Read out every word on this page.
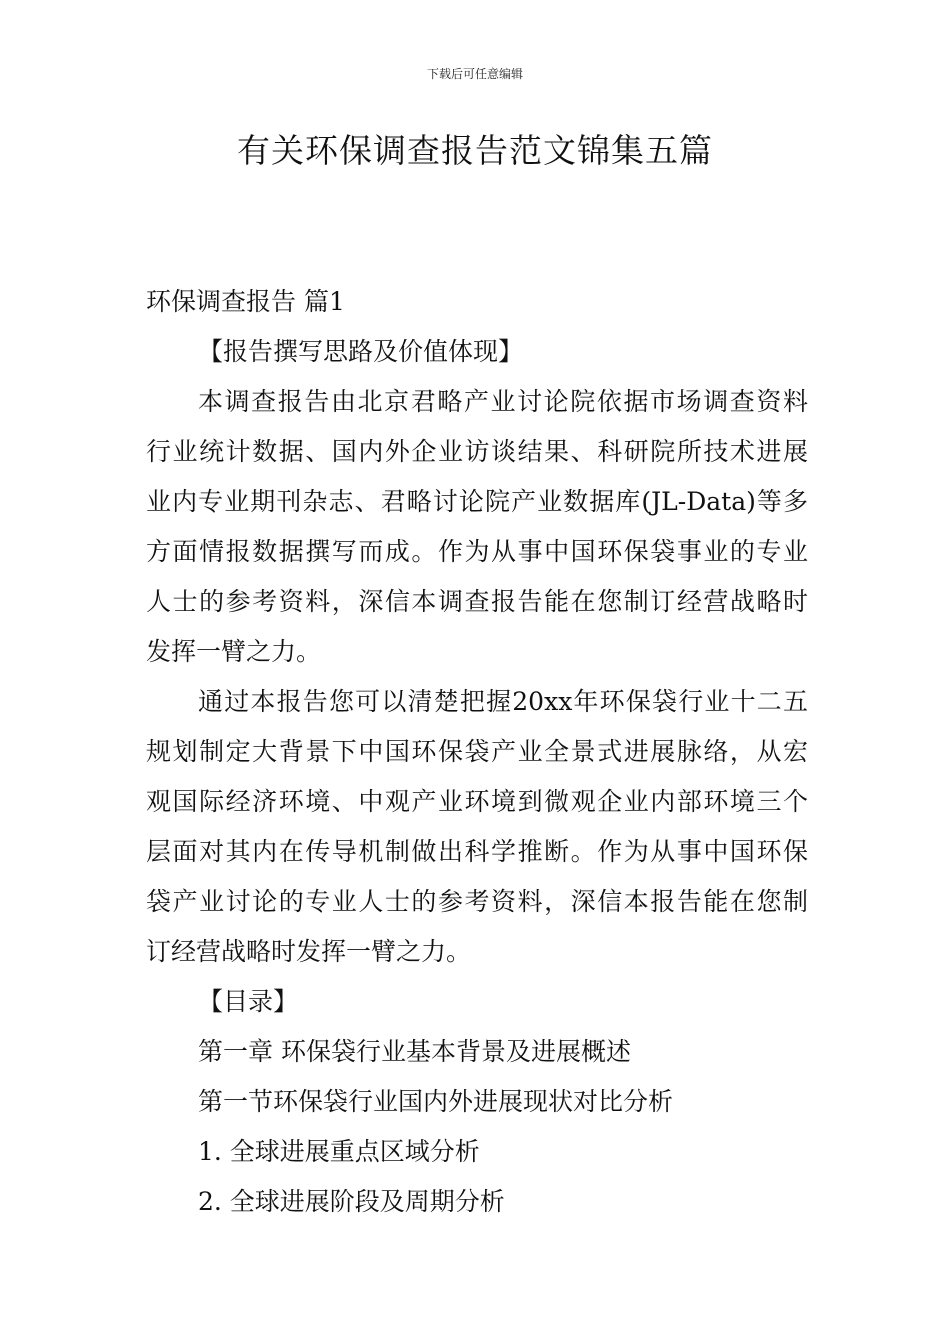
下载后可任意编辑
有关环保调查报告范文锦集五篇
环保调查报告 篇1
【报告撰写思路及价值体现】
本调查报告由北京君略产业讨论院依据市场调查资料
行业统计数据、国内外企业访谈结果、科研院所技术进展
业内专业期刊杂志、君略讨论院产业数据库(JL-Data)等多
方面情报数据撰写而成。作为从事中国环保袋事业的专业
人士的参考资料，深信本调查报告能在您制订经营战略时
发挥一臂之力。
通过本报告您可以清楚把握20xx年环保袋行业十二五
规划制定大背景下中国环保袋产业全景式进展脉络，从宏
观国际经济环境、中观产业环境到微观企业内部环境三个
层面对其内在传导机制做出科学推断。作为从事中国环保
袋产业讨论的专业人士的参考资料，深信本报告能在您制
订经营战略时发挥一臂之力。
【目录】
第一章 环保袋行业基本背景及进展概述
第一节环保袋行业国内外进展现状对比分析
1. 全球进展重点区域分析
2. 全球进展阶段及周期分析
